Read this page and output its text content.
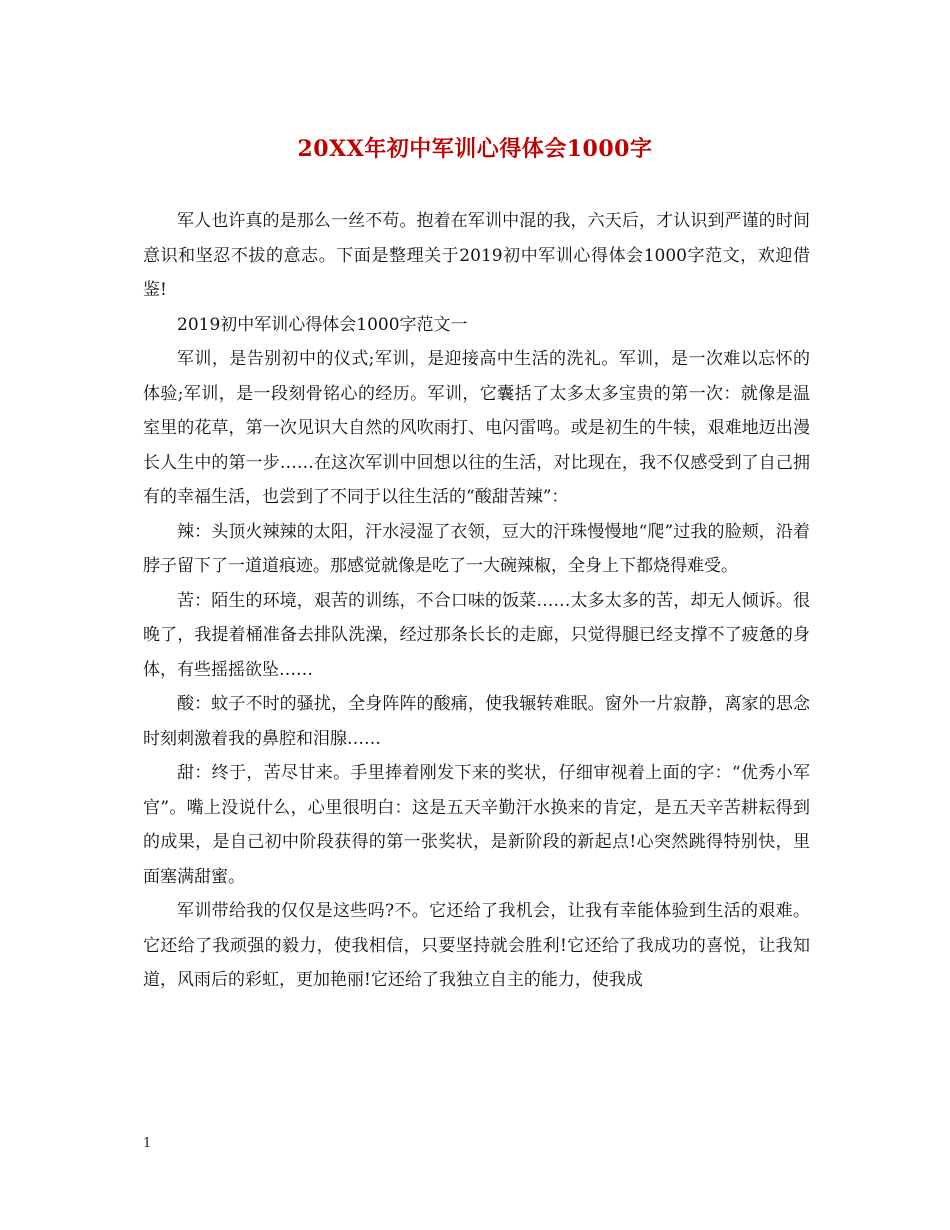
20XX年初中军训心得体会1000字

军人也许真的是那么一丝不苟。抱着在军训中混的我，六天后，才认识到严谨的时间意识和坚忍不拔的意志。下面是整理关于2019初中军训心得体会1000字范文，欢迎借鉴!

2019初中军训心得体会1000字范文一

军训，是告别初中的仪式;军训，是迎接高中生活的洗礼。军训，是一次难以忘怀的体验;军训，是一段刻骨铭心的经历。军训，它囊括了太多太多宝贵的第一次：就像是温室里的花草，第一次见识大自然的风吹雨打、电闪雷鸣。或是初生的牛犊，艰难地迈出漫长人生中的第一步……在这次军训中回想以往的生活，对比现在，我不仅感受到了自己拥有的幸福生活，也尝到了不同于以往生活的“酸甜苦辣”：

辣：头顶火辣辣的太阳，汗水浸湿了衣领，豆大的汗珠慢慢地“爬”过我的脸颊，沿着脖子留下了一道道痕迹。那感觉就像是吃了一大碗辣椒，全身上下都烧得难受。

苦：陌生的环境，艰苦的训练，不合口味的饭菜……太多太多的苦，却无人倾诉。很晚了，我提着桶准备去排队洗澡，经过那条长长的走廊，只觉得腿已经支撑不了疲惫的身体，有些摇摇欲坠……

酸：蚊子不时的骚扰，全身阵阵的酸痛，使我辗转难眠。窗外一片寂静，离家的思念时刻刺激着我的鼻腔和泪腺……

甜：终于，苦尽甘来。手里捧着刚发下来的奖状，仔细审视着上面的字：“优秀小军官”。嘴上没说什么，心里很明白：这是五天辛勤汗水换来的肯定，是五天辛苦耕耘得到的成果，是自己初中阶段获得的第一张奖状，是新阶段的新起点!心突然跳得特别快，里面塞满甜蜜。

军训带给我的仅仅是这些吗?不。它还给了我机会，让我有幸能体验到生活的艰难。它还给了我顽强的毅力，使我相信，只要坚持就会胜利!它还给了我成功的喜悦，让我知道，风雨后的彩虹，更加艳丽!它还给了我独立自主的能力，使我成

1
